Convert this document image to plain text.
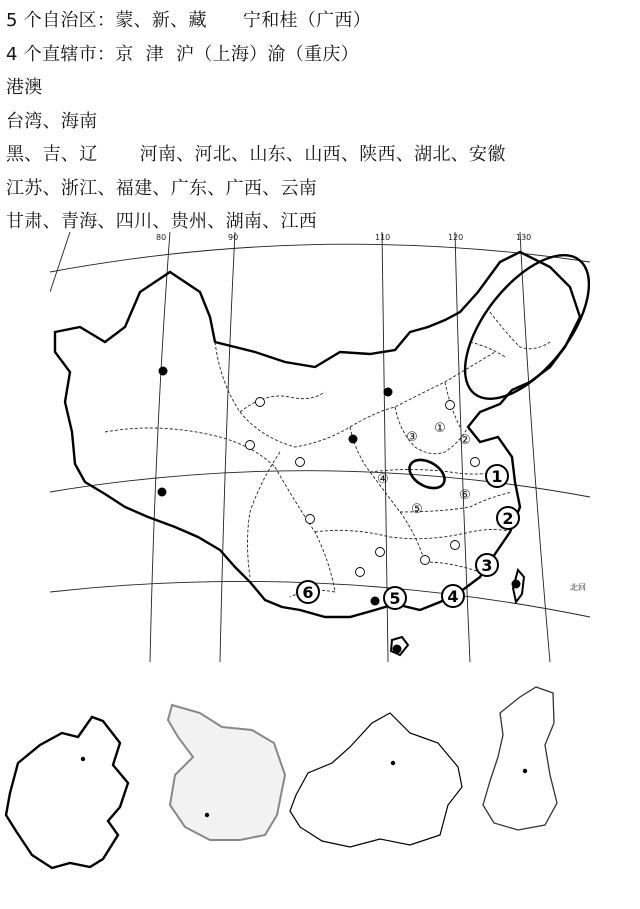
5 个自治区：蒙、新、藏      宁和桂（广西）
4 个直辖市：京  津  沪（上海）渝（重庆）
港澳
台湾、海南
黑、吉、辽       河南、河北、山东、山西、陕西、湖北、安徽
江苏、浙江、福建、广东、广西、云南
甘肃、青海、四川、贵州、湖南、江西
80	90	110	120	130
北回
①
②
③
④
⑤
⑥
1
2
3
4
5
6
